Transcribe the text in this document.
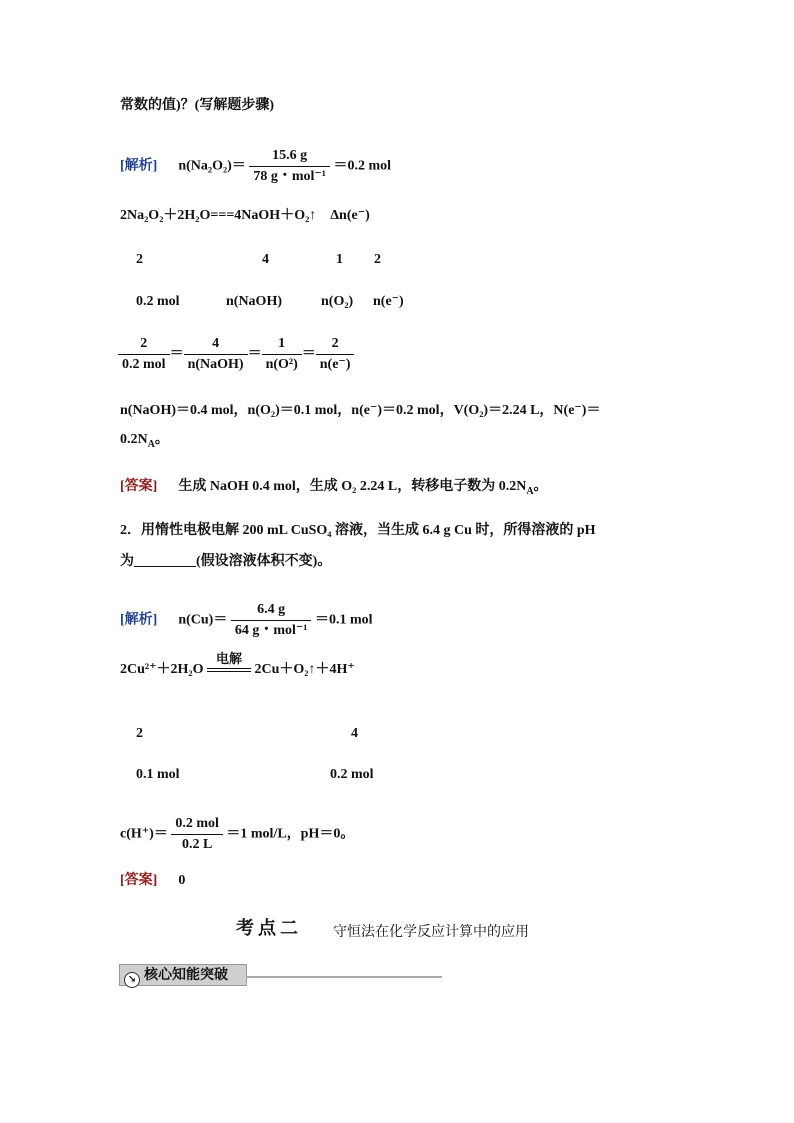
常数的值)？(写解题步骤)
[解析] $n(Na_2O_2)= \frac{15.6 g}{\text{78 g・mol⁻¹}} =0.2$ mol
2Na₂O₂＋2H₂O===4NaOH＋O₂↑　Δn(e⁻)
2	4	1 2
0.2 mol	n(NaOH)	n(O₂) n(e⁻)
$\frac{2}{\text{0.2 mol}} = \frac{4}{\text{n(NaOH)}} = \frac{1}{\text{n(O²)}} = \frac{2}{n(e^-)}$
n(NaOH)＝0.4 mol，n(O₂)＝0.1 mol，n(e⁻)＝0.2 mol，V(O₂)＝2.24 L，N(e⁻)＝
$0.2N_A$。
[答案] 生成 NaOH 0.4 mol，生成 O₂ 2.24 L，转移电子数为 $0.2N_A$。
2．用惰性电极电解 200 mL CuSO₄ 溶液，当生成 6.4 g Cu 时，所得溶液的 pH
为	(假设溶液体积不变)。
[解析] $n(Cu)= \frac{6.4 g}{\text{64 g・mol⁻¹}} =0.1$ mol
2Cu²⁺＋2H₂O
电解
2Cu＋O₂↑＋4H⁺
2	4
0.1 mol	0.2 mol
$c(H^+)= \frac{\text{0.2 mol}}{0.2 L} =1$ mol/L，pH＝0。
[答案] 0
考点二 守恒法在化学反应计算中的应用
↘ 核心知能突破
